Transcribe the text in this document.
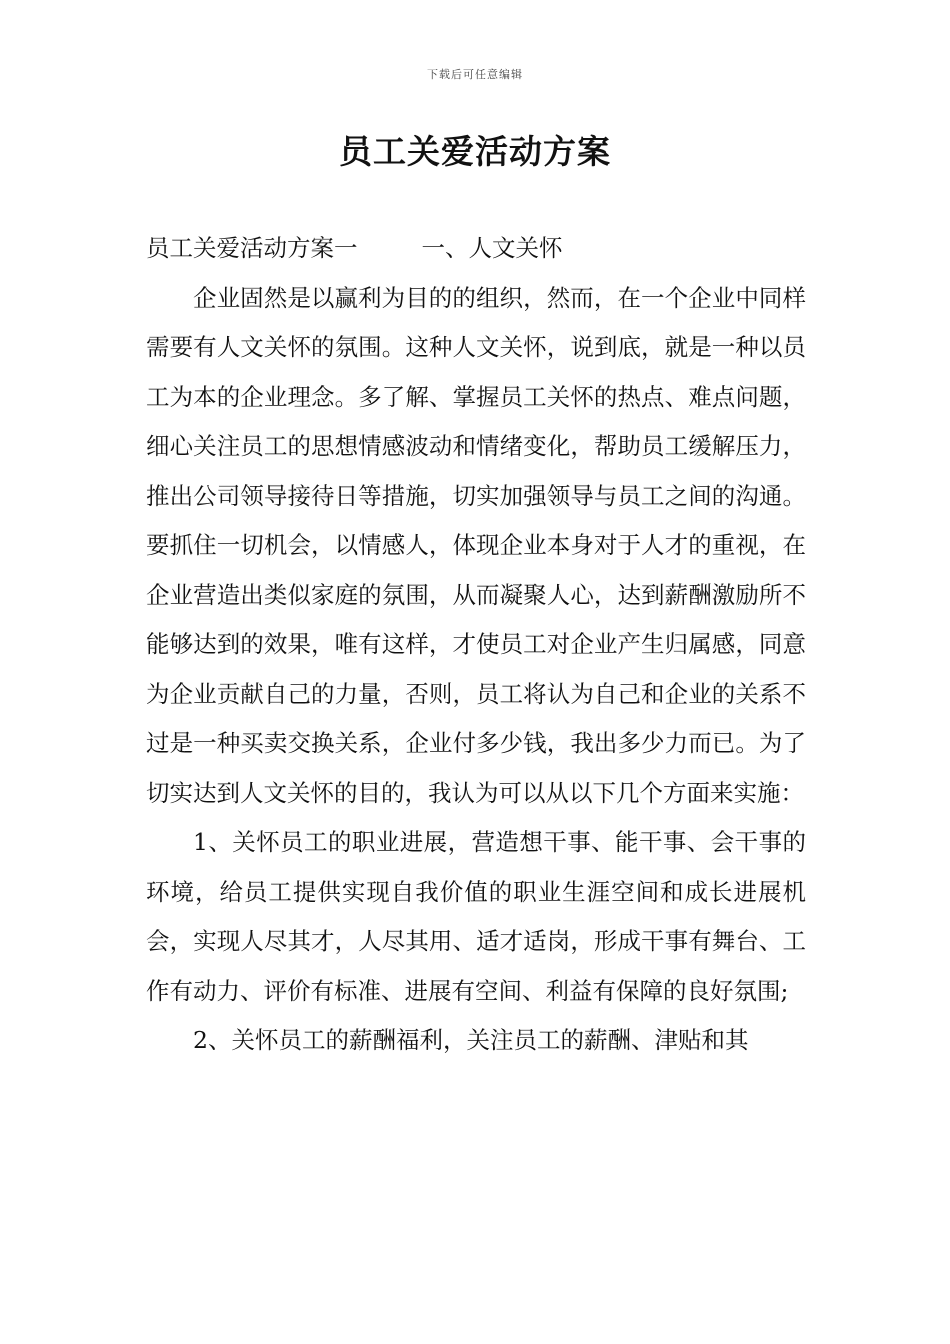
下载后可任意编辑
员工关爱活动方案

员工关爱活动方案一	一、人文关怀

企业固然是以赢利为目的的组织，然而，在一个企业中同样需要有人文关怀的氛围。这种人文关怀，说到底，就是一种以员工为本的企业理念。多了解、掌握员工关怀的热点、难点问题，细心关注员工的思想情感波动和情绪变化，帮助员工缓解压力，推出公司领导接待日等措施，切实加强领导与员工之间的沟通。要抓住一切机会，以情感人，体现企业本身对于人才的重视，在企业营造出类似家庭的氛围，从而凝聚人心，达到薪酬激励所不能够达到的效果，唯有这样，才使员工对企业产生归属感，同意为企业贡献自己的力量，否则，员工将认为自己和企业的关系不过是一种买卖交换关系，企业付多少钱，我出多少力而已。为了切实达到人文关怀的目的，我认为可以从以下几个方面来实施：

1、关怀员工的职业进展，营造想干事、能干事、会干事的环境，给员工提供实现自我价值的职业生涯空间和成长进展机会，实现人尽其才，人尽其用、适才适岗，形成干事有舞台、工作有动力、评价有标准、进展有空间、利益有保障的良好氛围;

2、关怀员工的薪酬福利，关注员工的薪酬、津贴和其
